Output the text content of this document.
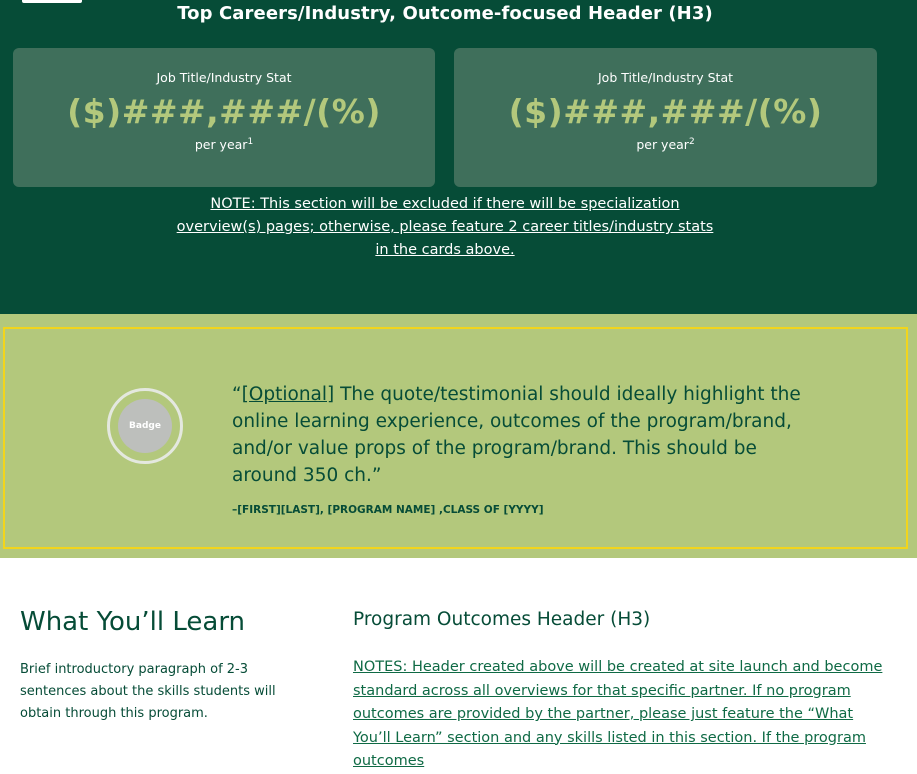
Top Careers/Industry, Outcome-focused Header (H3)
Job Title/Industry Stat
($)###,###/(%)
per year$^1$
Job Title/Industry Stat
($)###,###/(%)
per year$^2$

NOTE: This section will be excluded if there will be specialization overview(s) pages; otherwise, please feature 2 career titles/industry stats in the cards above.

Badge

“[Optional] The quote/testimonial should ideally highlight the online learning experience, outcomes of the program/brand, and/or value props of the program/brand. This should be around 350 ch.”

–[FIRST][LAST], [PROGRAM NAME] ,CLASS OF [YYYY]
What You’ll Learn

Brief introductory paragraph of 2-3 sentences about the skills students will obtain through this program.

Program Outcomes Header (H3)

NOTES: Header created above will be created at site launch and become standard across all overviews for that specific partner. If no program outcomes are provided by the partner, please just feature the “What You’ll Learn” section and any skills listed in this section. If the program outcomes
